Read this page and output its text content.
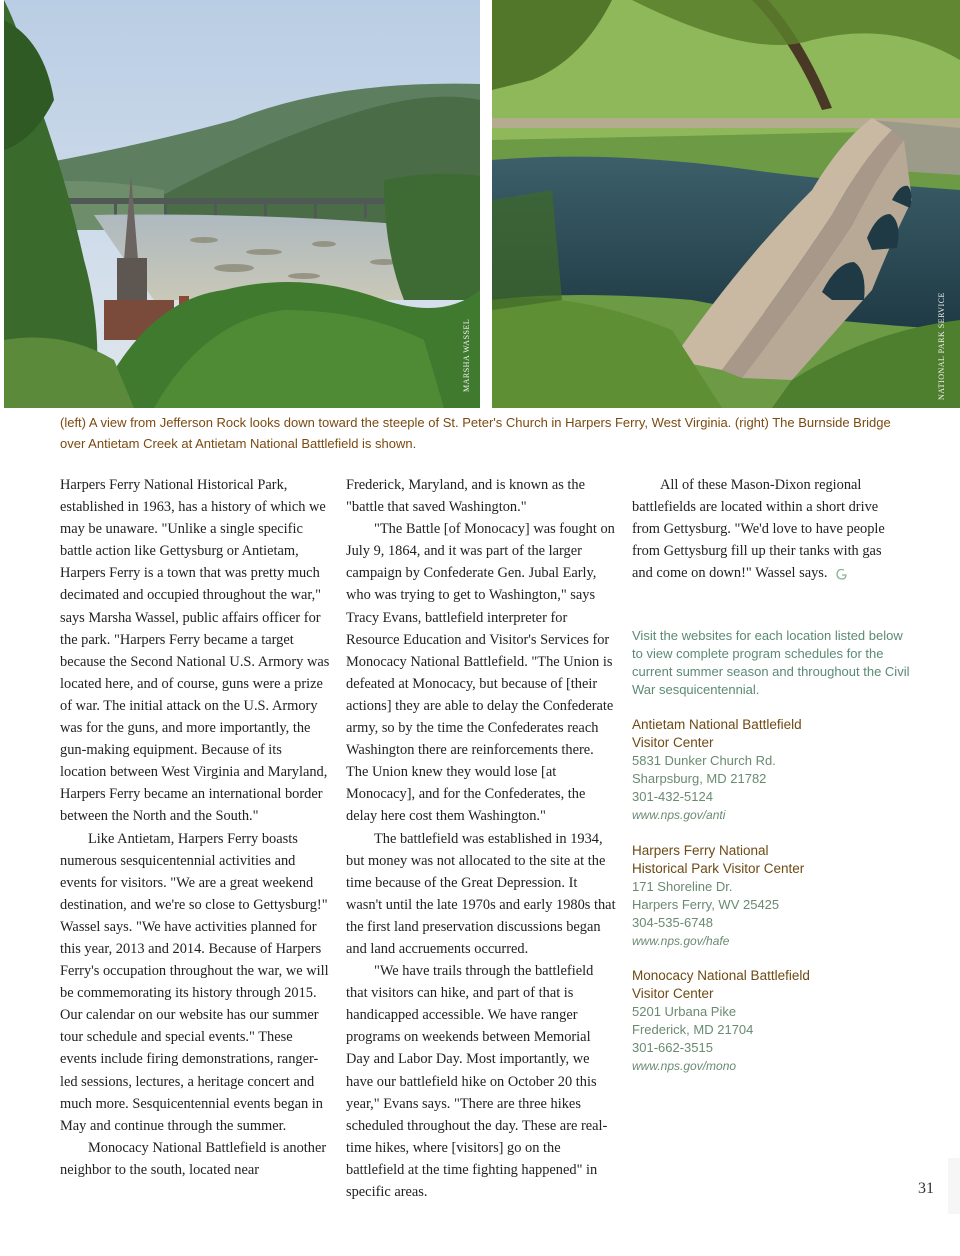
MARSHA WASSEL	NATIONAL PARK SERVICE
(left) A view from Jefferson Rock looks down toward the steeple of St. Peter's Church in Harpers Ferry, West Virginia. (right) The Burnside Bridge over Antietam Creek at Antietam National Battlefield is shown.

Harpers Ferry National Historical Park, established in 1963, has a history of which we may be unaware. "Unlike a single specific battle action like Gettysburg or Antietam, Harpers Ferry is a town that was pretty much decimated and occupied throughout the war," says Marsha Wassel, public affairs officer for the park. "Harpers Ferry became a target because the Second National U.S. Armory was located here, and of course, guns were a prize of war. The initial attack on the U.S. Armory was for the guns, and more importantly, the gun-making equipment. Because of its location between West Virginia and Maryland, Harpers Ferry became an international border between the North and the South."

Like Antietam, Harpers Ferry boasts numerous sesquicentennial activities and events for visitors. "We are a great weekend destination, and we're so close to Gettysburg!" Wassel says. "We have activities planned for this year, 2013 and 2014. Because of Harpers Ferry's occupation throughout the war, we will be commemorating its history through 2015. Our calendar on our website has our summer tour schedule and special events." These events include firing demonstrations, ranger-led sessions, lectures, a heritage concert and much more. Sesquicentennial events began in May and continue through the summer.

Monocacy National Battlefield is another neighbor to the south, located near

Frederick, Maryland, and is known as the "battle that saved Washington."

"The Battle [of Monocacy] was fought on July 9, 1864, and it was part of the larger campaign by Confederate Gen. Jubal Early, who was trying to get to Washington," says Tracy Evans, battlefield interpreter for Resource Education and Visitor's Services for Monocacy National Battlefield. "The Union is defeated at Monocacy, but because of [their actions] they are able to delay the Confederate army, so by the time the Confederates reach Washington there are reinforcements there. The Union knew they would lose [at Monocacy], and for the Confederates, the delay here cost them Washington."

The battlefield was established in 1934, but money was not allocated to the site at the time because of the Great Depression. It wasn't until the late 1970s and early 1980s that the first land preservation discussions began and land accruements occurred.

"We have trails through the battlefield that visitors can hike, and part of that is handicapped accessible. We have ranger programs on weekends between Memorial Day and Labor Day. Most importantly, we have our battlefield hike on October 20 this year," Evans says. "There are three hikes scheduled throughout the day. These are real-time hikes, where [visitors] go on the battlefield at the time fighting happened" in specific areas.

All of these Mason-Dixon regional battlefields are located within a short drive from Gettysburg. "We'd love to have people from Gettysburg fill up their tanks with gas and come on down!" Wassel says.

Visit the websites for each location listed below to view complete program schedules for the current summer season and throughout the Civil War sesquicentennial.
Antietam National Battlefield
Visitor Center
5831 Dunker Church Rd.
Sharpsburg, MD 21782
301-432-5124
www.nps.gov/anti
Harpers Ferry National
Historical Park Visitor Center
171 Shoreline Dr.
Harpers Ferry, WV 25425
304-535-6748
www.nps.gov/hafe
Monocacy National Battlefield
Visitor Center
5201 Urbana Pike
Frederick, MD 21704
301-662-3515
www.nps.gov/mono
31
